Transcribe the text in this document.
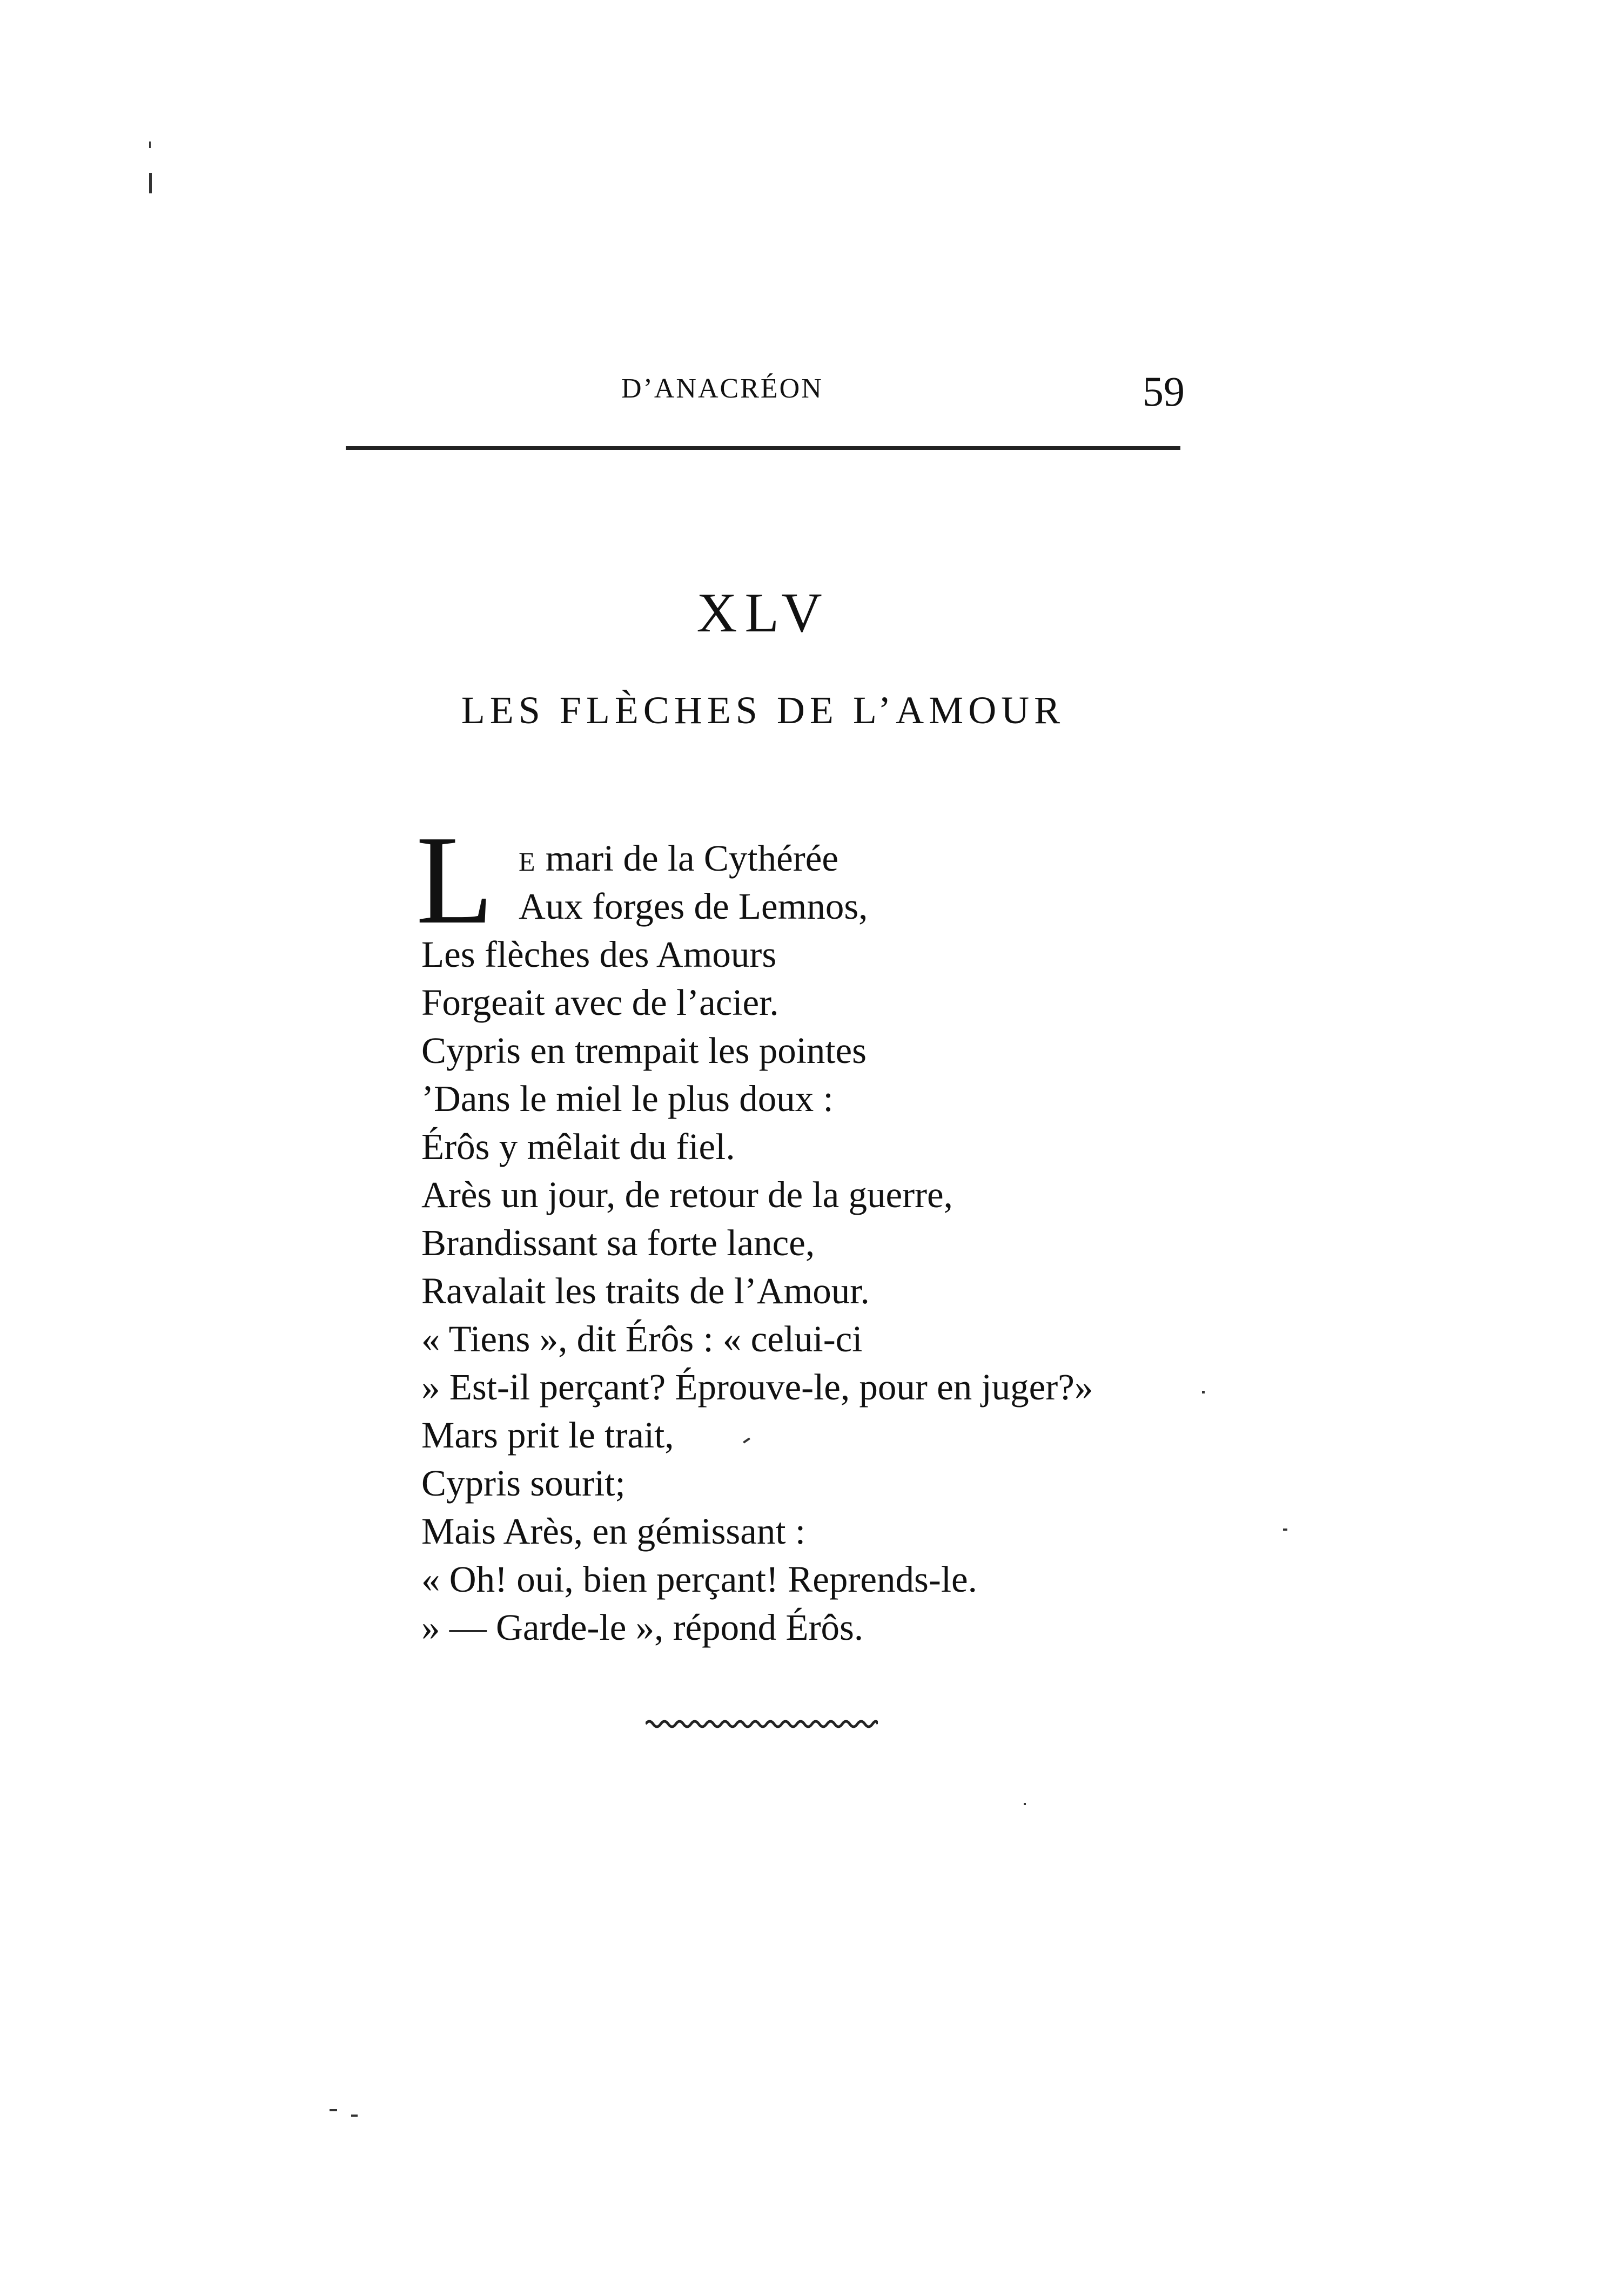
D’ANACRÉON	59
XLV
LES FLÈCHES DE L’AMOUR
L E mari de la Cythérée
Aux forges de Lemnos,
Les flèches des Amours
Forgeait avec de l’acier.
Cypris en trempait les pointes
’Dans le miel le plus doux :
Érôs y mêlait du fiel.
Arès un jour, de retour de la guerre,
Brandissant sa forte lance,
Ravalait les traits de l’Amour.
« Tiens », dit Érôs : « celui-ci
» Est-il perçant? Éprouve-le, pour en juger?»
Mars prit le trait,
Cypris sourit;
Mais Arès, en gémissant :
« Oh! oui, bien perçant! Reprends-le.
» — Garde-le », répond Érôs.
